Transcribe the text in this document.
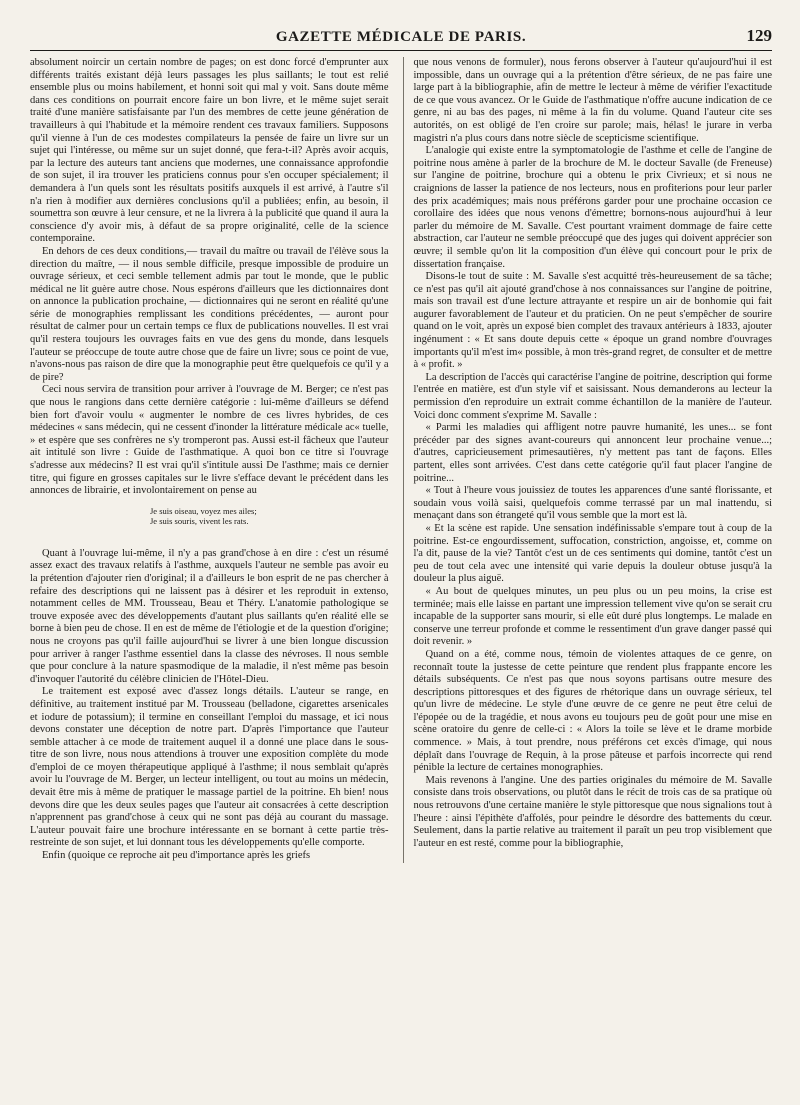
GAZETTE MÉDICALE DE PARIS.	129

absolument noircir un certain nombre de pages; on est donc forcé d'emprunter aux différents traités existant déjà leurs passages les plus saillants; le tout est relié ensemble plus ou moins habilement, et honni soit qui mal y voit. Sans doute même dans ces conditions on pourrait encore faire un bon livre, et le même sujet serait traité d'une manière satisfaisante par l'un des membres de cette jeune génération de travailleurs à qui l'habitude et la mémoire rendent ces travaux familiers. Supposons qu'il vienne à l'un de ces modestes compilateurs la pensée de faire un livre sur un sujet qui l'intéresse, ou même sur un sujet donné, que fera-t-il? Après avoir acquis, par la lecture des auteurs tant anciens que modernes, une connaissance approfondie de son sujet, il ira trouver les praticiens connus pour s'en occuper spécialement; il demandera à l'un quels sont les résultats positifs auxquels il est arrivé, à l'autre s'il n'a rien à modifier aux dernières conclusions qu'il a publiées; enfin, au besoin, il soumettra son œuvre à leur censure, et ne la livrera à la publicité que quand il aura la conscience d'y avoir mis, à défaut de sa propre originalité, celle de la science contemporaine.

En dehors de ces deux conditions,— travail du maître ou travail de l'élève sous la direction du maître, — il nous semble difficile, presque impossible de produire un ouvrage sérieux, et ceci semble tellement admis par tout le monde, que le public médical ne lit guère autre chose. Nous espérons d'ailleurs que les dictionnaires dont on annonce la publication prochaine, — dictionnaires qui ne seront en réalité qu'une série de monographies remplissant les conditions précédentes, — auront pour résultat de calmer pour un certain temps ce flux de publications nouvelles. Il est vrai qu'il restera toujours les ouvrages faits en vue des gens du monde, dans lesquels l'auteur se préoccupe de toute autre chose que de faire un livre; sous ce point de vue, n'avons-nous pas raison de dire que la monographie peut être quelquefois ce qu'il y a de pire?

Ceci nous servira de transition pour arriver à l'ouvrage de M. Berger; ce n'est pas que nous le rangions dans cette dernière catégorie : lui-même d'ailleurs se défend bien fort d'avoir voulu « augmenter le nombre de ces livres hybrides, de ces médecines « sans médecin, qui ne cessent d'inonder la littérature médicale ac« tuelle, » et espère que ses confrères ne s'y tromperont pas. Aussi est-il fâcheux que l'auteur ait intitulé son livre : Guide de l'asthmatique. A quoi bon ce titre si l'ouvrage s'adresse aux médecins? Il est vrai qu'il s'intitule aussi De l'asthme; mais ce dernier titre, qui figure en grosses capitales sur le livre s'efface devant le précédent dans les annonces de librairie, et involontairement on pense au

Je suis oiseau, voyez mes ailes;
Je suis souris, vivent les rats.

Quant à l'ouvrage lui-même, il n'y a pas grand'chose à en dire : c'est un résumé assez exact des travaux relatifs à l'asthme, auxquels l'auteur ne semble pas avoir eu la prétention d'ajouter rien d'original; il a d'ailleurs le bon esprit de ne pas chercher à refaire des descriptions qui ne laissent pas à désirer et les reproduit in extenso, notamment celles de MM. Trousseau, Beau et Théry. L'anatomie pathologique se trouve exposée avec des développements d'autant plus saillants qu'en réalité elle se borne à bien peu de chose. Il en est de même de l'étiologie et de la question d'origine; nous ne croyons pas qu'il faille aujourd'hui se livrer à une bien longue discussion pour arriver à ranger l'asthme essentiel dans la classe des névroses. Il nous semble que pour conclure à la nature spasmodique de la maladie, il n'est même pas besoin d'invoquer l'autorité du célèbre clinicien de l'Hôtel-Dieu.

Le traitement est exposé avec d'assez longs détails. L'auteur se range, en définitive, au traitement institué par M. Trousseau (belladone, cigarettes arsenicales et iodure de potassium); il termine en conseillant l'emploi du massage, et ici nous devons constater une déception de notre part. D'après l'importance que l'auteur semble attacher à ce mode de traitement auquel il a donné une place dans le sous-titre de son livre, nous nous attendions à trouver une exposition complète du mode d'emploi de ce moyen thérapeutique appliqué à l'asthme; il nous semblait qu'après avoir lu l'ouvrage de M. Berger, un lecteur intelligent, ou tout au moins un médecin, devait être mis à même de pratiquer le massage partiel de la poitrine. Eh bien! nous devons dire que les deux seules pages que l'auteur ait consacrées à cette description n'apprennent pas grand'chose à ceux qui ne sont pas déjà au courant du massage. L'auteur pouvait faire une brochure intéressante en se bornant à cette partie très-restreinte de son sujet, et lui donnant tous les développements qu'elle comporte.

Enfin (quoique ce reproche ait peu d'importance après les griefs

que nous venons de formuler), nous ferons observer à l'auteur qu'aujourd'hui il est impossible, dans un ouvrage qui a la prétention d'être sérieux, de ne pas faire une large part à la bibliographie, afin de mettre le lecteur à même de vérifier l'exactitude de ce que vous avancez. Or le Guide de l'asthmatique n'offre aucune indication de ce genre, ni au bas des pages, ni même à la fin du volume. Quand l'auteur cite ses autorités, on est obligé de l'en croire sur parole; mais, hélas! le jurare in verba magistri n'a plus cours dans notre siècle de scepticisme scientifique.

L'analogie qui existe entre la symptomatologie de l'asthme et celle de l'angine de poitrine nous amène à parler de la brochure de M. le docteur Savalle (de Freneuse) sur l'angine de poitrine, brochure qui a obtenu le prix Civrieux; et si nous ne craignions de lasser la patience de nos lecteurs, nous en profiterions pour leur parler des prix académiques; mais nous préférons garder pour une prochaine occasion ce corollaire des idées que nous venons d'émettre; bornons-nous aujourd'hui à leur parler du mémoire de M. Savalle. C'est pourtant vraiment dommage de faire cette abstraction, car l'auteur ne semble préoccupé que des juges qui doivent apprécier son œuvre; il semble qu'on lit la composition d'un élève qui concourt pour le prix de dissertation française.

Disons-le tout de suite : M. Savalle s'est acquitté très-heureusement de sa tâche; ce n'est pas qu'il ait ajouté grand'chose à nos connaissances sur l'angine de poitrine, mais son travail est d'une lecture attrayante et respire un air de bonhomie qui fait augurer favorablement de l'auteur et du praticien. On ne peut s'empêcher de sourire quand on le voit, après un exposé bien complet des travaux antérieurs à 1833, ajouter ingénument : « Et sans doute depuis cette « époque un grand nombre d'ouvrages importants qu'il m'est im« possible, à mon très-grand regret, de consulter et de mettre à « profit. »

La description de l'accès qui caractérise l'angine de poitrine, description qui forme l'entrée en matière, est d'un style vif et saisissant. Nous demanderons au lecteur la permission d'en reproduire un extrait comme échantillon de la manière de l'auteur. Voici donc comment s'exprime M. Savalle :

« Parmi les maladies qui affligent notre pauvre humanité, les unes... se font précéder par des signes avant-coureurs qui annoncent leur prochaine venue...; d'autres, capricieusement primesautières, n'y mettent pas tant de façons. Elles partent, elles sont arrivées. C'est dans cette catégorie qu'il faut placer l'angine de poitrine...

« Tout à l'heure vous jouissiez de toutes les apparences d'une santé florissante, et soudain vous voilà saisi, quelquefois comme terrassé par un mal inattendu, si menaçant dans son étrangeté qu'il vous semble que la mort est là.

« Et la scène est rapide. Une sensation indéfinissable s'empare tout à coup de la poitrine. Est-ce engourdissement, suffocation, constriction, angoisse, et, comme on l'a dit, pause de la vie? Tantôt c'est un de ces sentiments qui domine, tantôt c'est un peu de tout cela avec une intensité qui varie depuis la douleur obtuse jusqu'à la douleur la plus aiguë.

« Au bout de quelques minutes, un peu plus ou un peu moins, la crise est terminée; mais elle laisse en partant une impression tellement vive qu'on se serait cru incapable de la supporter sans mourir, si elle eût duré plus longtemps. Le malade en conserve une terreur profonde et comme le ressentiment d'un grave danger passé qui doit revenir. »

Quand on a été, comme nous, témoin de violentes attaques de ce genre, on reconnaît toute la justesse de cette peinture que rendent plus frappante encore les détails subséquents. Ce n'est pas que nous soyons partisans outre mesure des descriptions pittoresques et des figures de rhétorique dans un ouvrage sérieux, tel qu'un livre de médecine. Le style d'une œuvre de ce genre ne peut être celui de l'épopée ou de la tragédie, et nous avons eu toujours peu de goût pour une mise en scène oratoire du genre de celle-ci : « Alors la toile se lève et le drame morbide commence. » Mais, à tout prendre, nous préférons cet excès d'image, qui nous déplaît dans l'ouvrage de Requin, à la prose pâteuse et parfois incorrecte qui rend pénible la lecture de certaines monographies.

Mais revenons à l'angine. Une des parties originales du mémoire de M. Savalle consiste dans trois observations, ou plutôt dans le récit de trois cas de sa pratique où nous retrouvons d'une certaine manière le style pittoresque que nous signalions tout à l'heure : ainsi l'épithète d'affolés, pour peindre le désordre des battements du cœur. Seulement, dans la partie relative au traitement il paraît un peu trop visiblement que l'auteur en est resté, comme pour la bibliographie,
